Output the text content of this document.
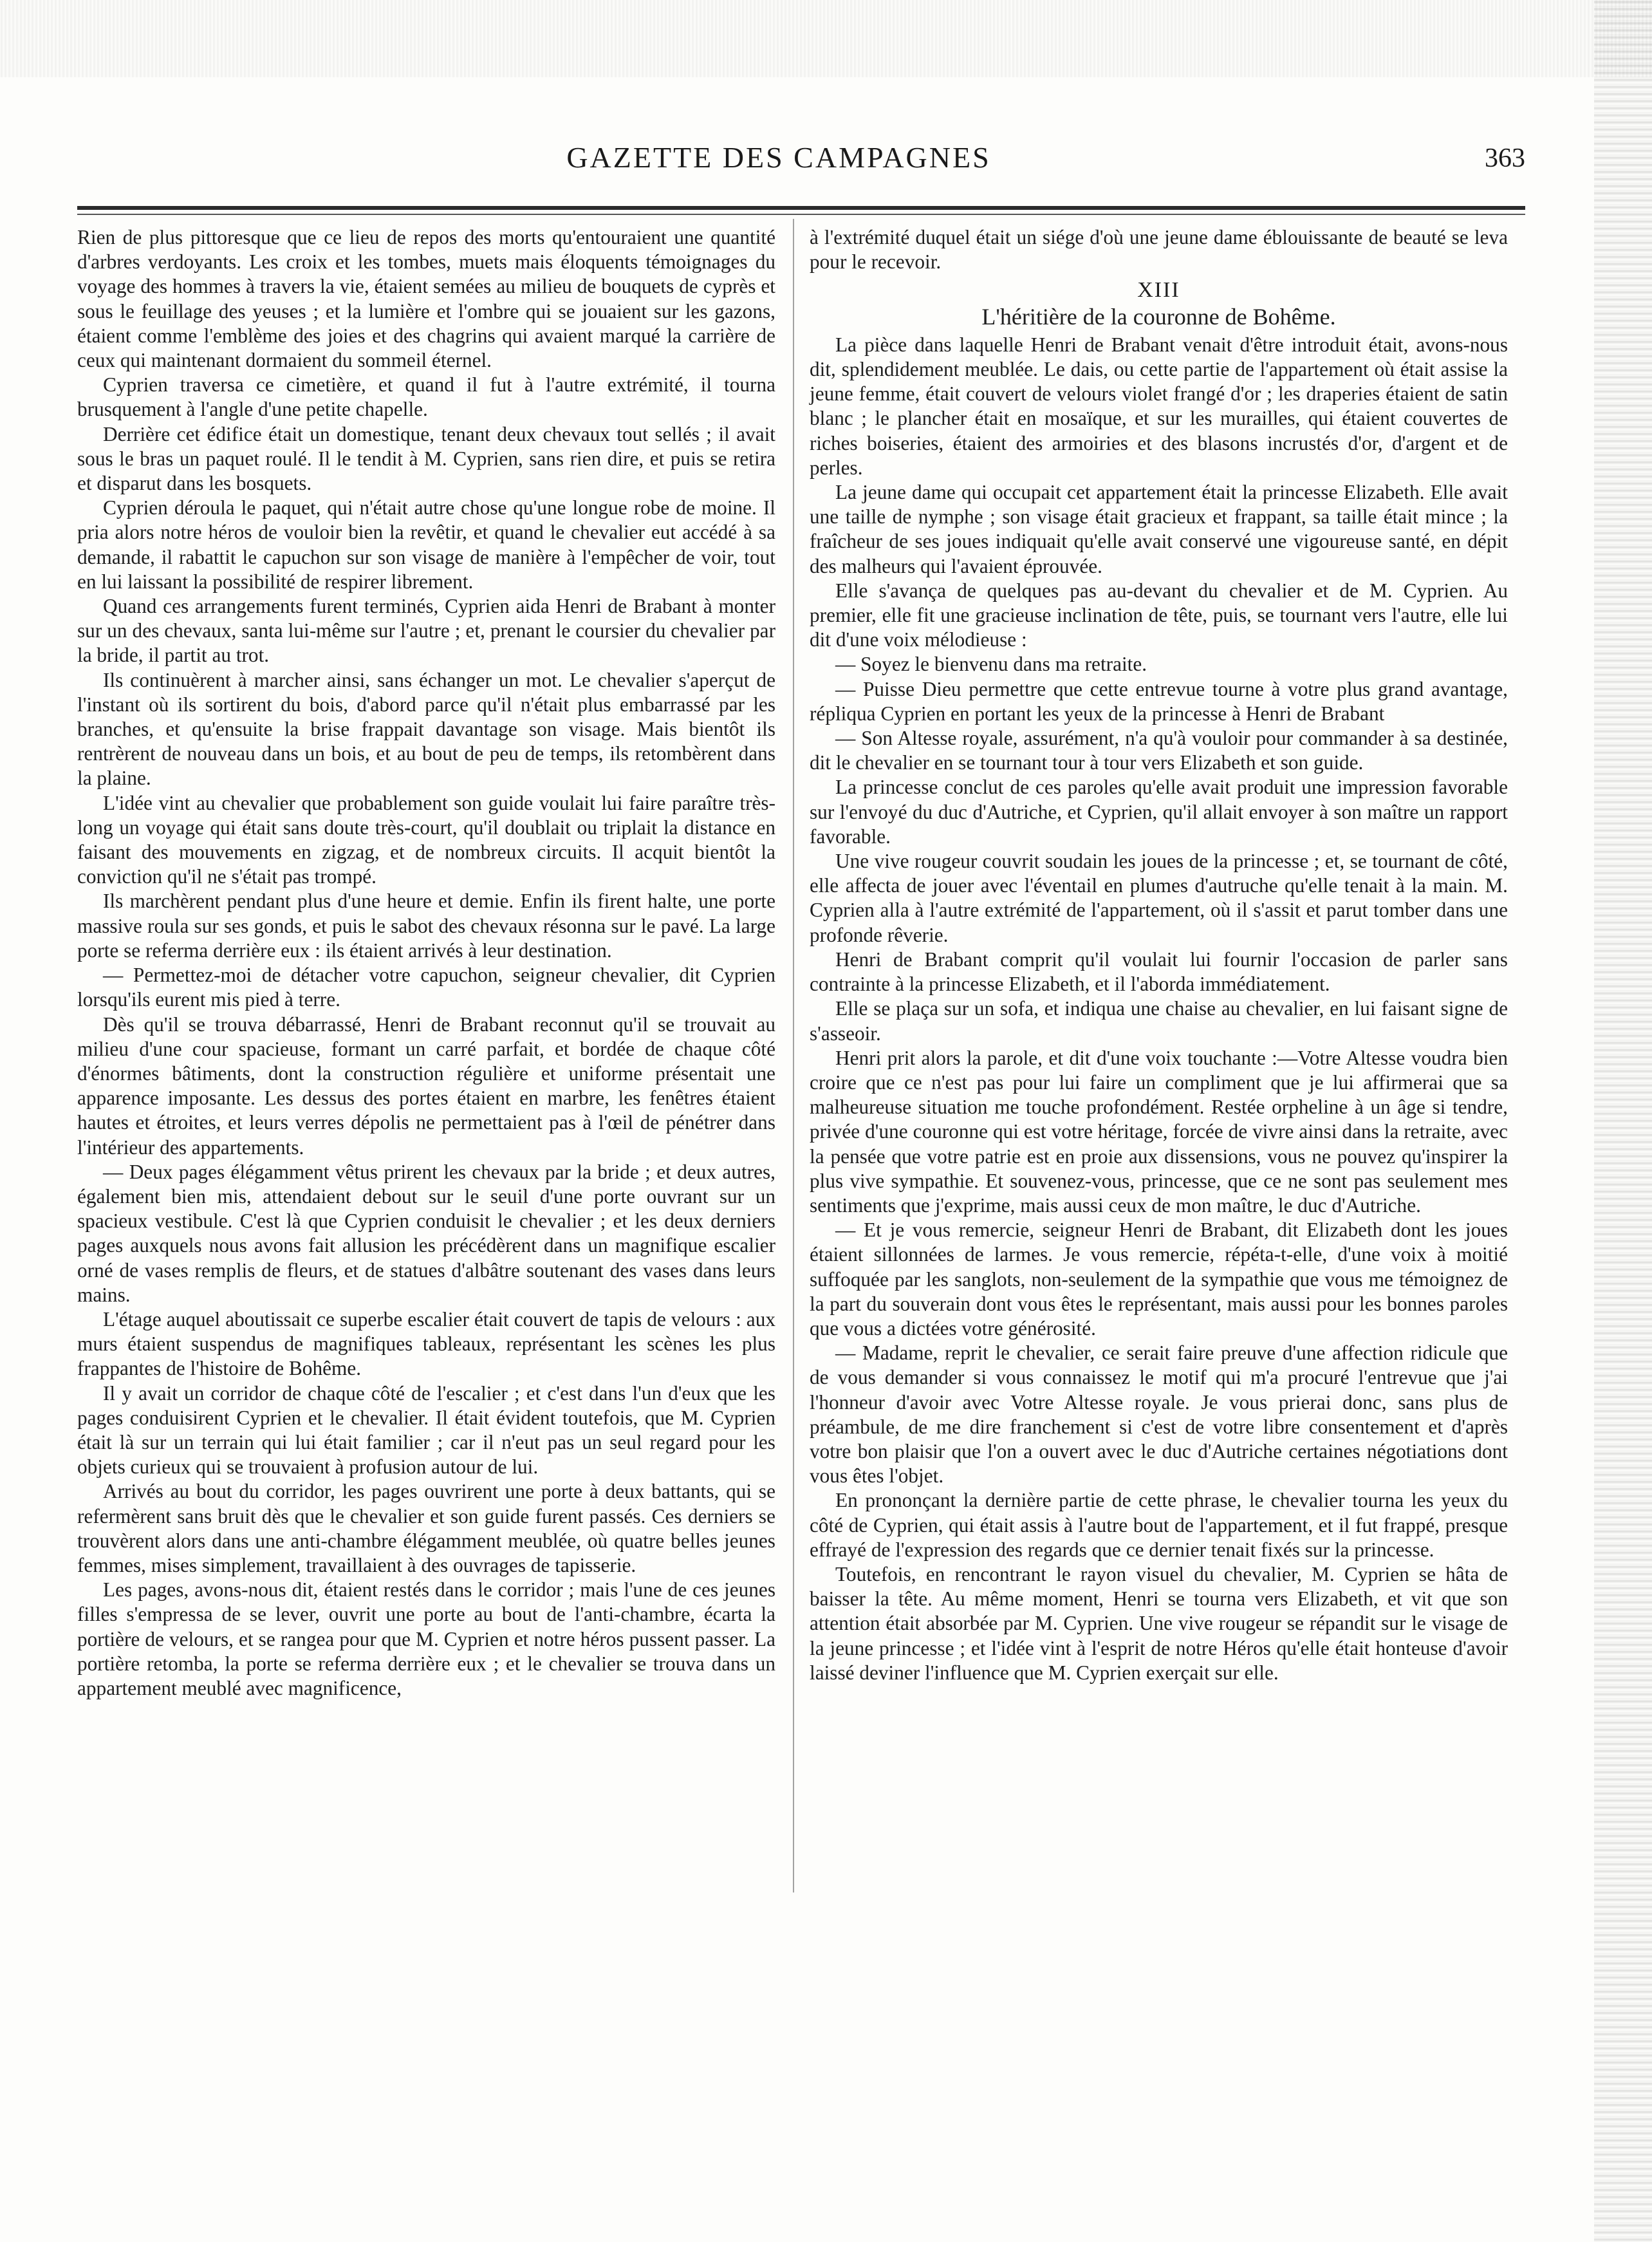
GAZETTE DES CAMPAGNES	363

Rien de plus pittoresque que ce lieu de repos des morts qu'entouraient une quantité d'arbres verdoyants. Les croix et les tombes, muets mais éloquents témoignages du voyage des hommes à travers la vie, étaient semées au milieu de bouquets de cyprès et sous le feuillage des yeuses ; et la lumière et l'ombre qui se jouaient sur les gazons, étaient comme l'emblème des joies et des chagrins qui avaient marqué la carrière de ceux qui maintenant dormaient du sommeil éternel.

Cyprien traversa ce cimetière, et quand il fut à l'autre extrémité, il tourna brusquement à l'angle d'une petite chapelle.

Derrière cet édifice était un domestique, tenant deux chevaux tout sellés ; il avait sous le bras un paquet roulé. Il le tendit à M. Cyprien, sans rien dire, et puis se retira et disparut dans les bosquets.

Cyprien déroula le paquet, qui n'était autre chose qu'une longue robe de moine. Il pria alors notre héros de vouloir bien la revêtir, et quand le chevalier eut accédé à sa demande, il rabattit le capuchon sur son visage de manière à l'empêcher de voir, tout en lui laissant la possibilité de respirer librement.

Quand ces arrangements furent terminés, Cyprien aida Henri de Brabant à monter sur un des chevaux, santa lui-même sur l'autre ; et, prenant le coursier du chevalier par la bride, il partit au trot.

Ils continuèrent à marcher ainsi, sans échanger un mot. Le chevalier s'aperçut de l'instant où ils sortirent du bois, d'abord parce qu'il n'était plus embarrassé par les branches, et qu'ensuite la brise frappait davantage son visage. Mais bientôt ils rentrèrent de nouveau dans un bois, et au bout de peu de temps, ils retombèrent dans la plaine.

L'idée vint au chevalier que probablement son guide voulait lui faire paraître très-long un voyage qui était sans doute très-court, qu'il doublait ou triplait la distance en faisant des mouvements en zigzag, et de nombreux circuits. Il acquit bientôt la conviction qu'il ne s'était pas trompé.

Ils marchèrent pendant plus d'une heure et demie. Enfin ils firent halte, une porte massive roula sur ses gonds, et puis le sabot des chevaux résonna sur le pavé. La large porte se referma derrière eux : ils étaient arrivés à leur destination.

— Permettez-moi de détacher votre capuchon, seigneur chevalier, dit Cyprien lorsqu'ils eurent mis pied à terre.

Dès qu'il se trouva débarrassé, Henri de Brabant reconnut qu'il se trouvait au milieu d'une cour spacieuse, formant un carré parfait, et bordée de chaque côté d'énormes bâtiments, dont la construction régulière et uniforme présentait une apparence imposante. Les dessus des portes étaient en marbre, les fenêtres étaient hautes et étroites, et leurs verres dépolis ne permettaient pas à l'œil de pénétrer dans l'intérieur des appartements.

— Deux pages élégamment vêtus prirent les chevaux par la bride ; et deux autres, également bien mis, attendaient debout sur le seuil d'une porte ouvrant sur un spacieux vestibule. C'est là que Cyprien conduisit le chevalier ; et les deux derniers pages auxquels nous avons fait allusion les précédèrent dans un magnifique escalier orné de vases remplis de fleurs, et de statues d'albâtre soutenant des vases dans leurs mains.

L'étage auquel aboutissait ce superbe escalier était couvert de tapis de velours : aux murs étaient suspendus de magnifiques tableaux, représentant les scènes les plus frappantes de l'histoire de Bohême.

Il y avait un corridor de chaque côté de l'escalier ; et c'est dans l'un d'eux que les pages conduisirent Cyprien et le chevalier. Il était évident toutefois, que M. Cyprien était là sur un terrain qui lui était familier ; car il n'eut pas un seul regard pour les objets curieux qui se trouvaient à profusion autour de lui.

Arrivés au bout du corridor, les pages ouvrirent une porte à deux battants, qui se refermèrent sans bruit dès que le chevalier et son guide furent passés. Ces derniers se trouvèrent alors dans une anti-chambre élégamment meublée, où quatre belles jeunes femmes, mises simplement, travaillaient à des ouvrages de tapisserie.

Les pages, avons-nous dit, étaient restés dans le corridor ; mais l'une de ces jeunes filles s'empressa de se lever, ouvrit une porte au bout de l'anti-chambre, écarta la portière de velours, et se rangea pour que M. Cyprien et notre héros pussent passer. La portière retomba, la porte se referma derrière eux ; et le chevalier se trouva dans un appartement meublé avec magnificence,

à l'extrémité duquel était un siége d'où une jeune dame éblouissante de beauté se leva pour le recevoir.

XIII
L'héritière de la couronne de Bohême.

La pièce dans laquelle Henri de Brabant venait d'être introduit était, avons-nous dit, splendidement meublée. Le dais, ou cette partie de l'appartement où était assise la jeune femme, était couvert de velours violet frangé d'or ; les draperies étaient de satin blanc ; le plancher était en mosaïque, et sur les murailles, qui étaient couvertes de riches boiseries, étaient des armoiries et des blasons incrustés d'or, d'argent et de perles.

La jeune dame qui occupait cet appartement était la princesse Elizabeth. Elle avait une taille de nymphe ; son visage était gracieux et frappant, sa taille était mince ; la fraîcheur de ses joues indiquait qu'elle avait conservé une vigoureuse santé, en dépit des malheurs qui l'avaient éprouvée.

Elle s'avança de quelques pas au-devant du chevalier et de M. Cyprien. Au premier, elle fit une gracieuse inclination de tête, puis, se tournant vers l'autre, elle lui dit d'une voix mélodieuse :

— Soyez le bienvenu dans ma retraite.

— Puisse Dieu permettre que cette entrevue tourne à votre plus grand avantage, répliqua Cyprien en portant les yeux de la princesse à Henri de Brabant

— Son Altesse royale, assurément, n'a qu'à vouloir pour commander à sa destinée, dit le chevalier en se tournant tour à tour vers Elizabeth et son guide.

La princesse conclut de ces paroles qu'elle avait produit une impression favorable sur l'envoyé du duc d'Autriche, et Cyprien, qu'il allait envoyer à son maître un rapport favorable.

Une vive rougeur couvrit soudain les joues de la princesse ; et, se tournant de côté, elle affecta de jouer avec l'éventail en plumes d'autruche qu'elle tenait à la main. M. Cyprien alla à l'autre extrémité de l'appartement, où il s'assit et parut tomber dans une profonde rêverie.

Henri de Brabant comprit qu'il voulait lui fournir l'occasion de parler sans contrainte à la princesse Elizabeth, et il l'aborda immédiatement.

Elle se plaça sur un sofa, et indiqua une chaise au chevalier, en lui faisant signe de s'asseoir.

Henri prit alors la parole, et dit d'une voix touchante :—Votre Altesse voudra bien croire que ce n'est pas pour lui faire un compliment que je lui affirmerai que sa malheureuse situation me touche profondément. Restée orpheline à un âge si tendre, privée d'une couronne qui est votre héritage, forcée de vivre ainsi dans la retraite, avec la pensée que votre patrie est en proie aux dissensions, vous ne pouvez qu'inspirer la plus vive sympathie. Et souvenez-vous, princesse, que ce ne sont pas seulement mes sentiments que j'exprime, mais aussi ceux de mon maître, le duc d'Autriche.

— Et je vous remercie, seigneur Henri de Brabant, dit Elizabeth dont les joues étaient sillonnées de larmes. Je vous remercie, répéta-t-elle, d'une voix à moitié suffoquée par les sanglots, non-seulement de la sympathie que vous me témoignez de la part du souverain dont vous êtes le représentant, mais aussi pour les bonnes paroles que vous a dictées votre générosité.

— Madame, reprit le chevalier, ce serait faire preuve d'une affection ridicule que de vous demander si vous connaissez le motif qui m'a procuré l'entrevue que j'ai l'honneur d'avoir avec Votre Altesse royale. Je vous prierai donc, sans plus de préambule, de me dire franchement si c'est de votre libre consentement et d'après votre bon plaisir que l'on a ouvert avec le duc d'Autriche certaines négotiations dont vous êtes l'objet.

En prononçant la dernière partie de cette phrase, le chevalier tourna les yeux du côté de Cyprien, qui était assis à l'autre bout de l'appartement, et il fut frappé, presque effrayé de l'expression des regards que ce dernier tenait fixés sur la princesse.

Toutefois, en rencontrant le rayon visuel du chevalier, M. Cyprien se hâta de baisser la tête. Au même moment, Henri se tourna vers Elizabeth, et vit que son attention était absorbée par M. Cyprien. Une vive rougeur se répandit sur le visage de la jeune princesse ; et l'idée vint à l'esprit de notre Héros qu'elle était honteuse d'avoir laissé deviner l'influence que M. Cyprien exerçait sur elle.
